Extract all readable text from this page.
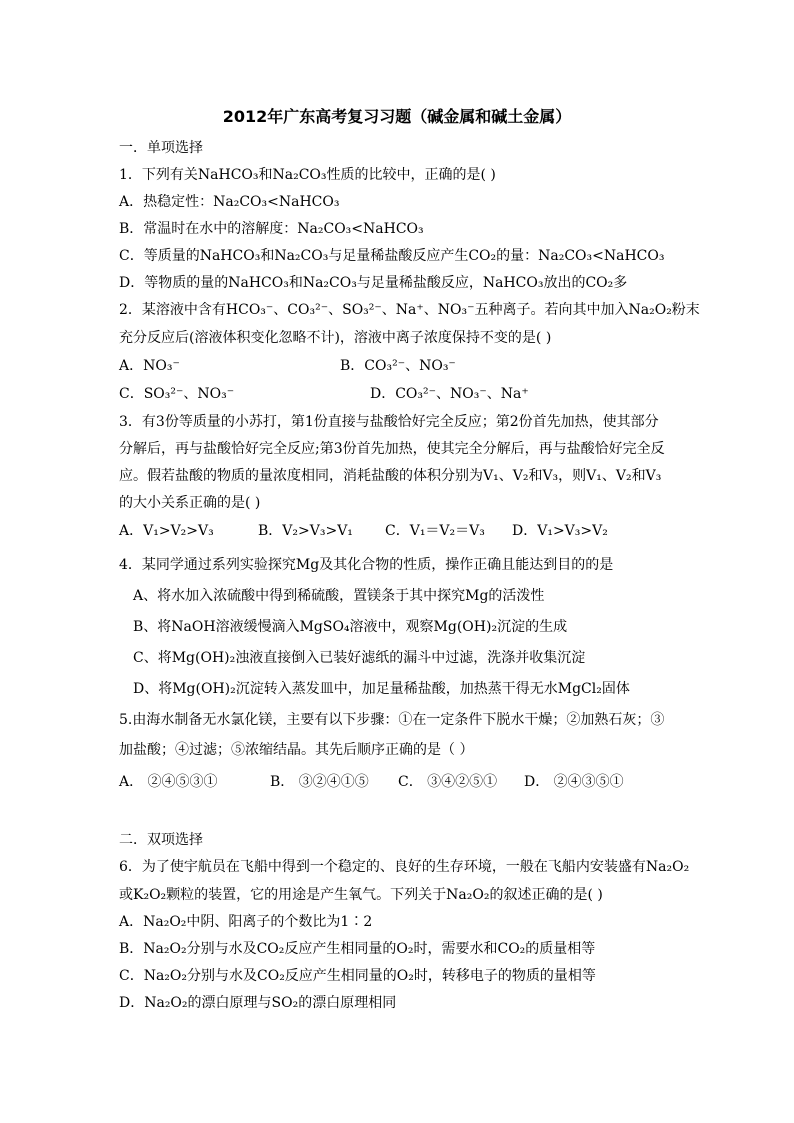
2012年广东高考复习习题（碱金属和碱土金属）
一．单项选择
1．下列有关NaHCO₃和Na₂CO₃性质的比较中，正确的是( )
A．热稳定性：Na₂CO₃<NaHCO₃
B．常温时在水中的溶解度：Na₂CO₃<NaHCO₃
C．等质量的NaHCO₃和Na₂CO₃与足量稀盐酸反应产生CO₂的量：Na₂CO₃<NaHCO₃
D．等物质的量的NaHCO₃和Na₂CO₃与足量稀盐酸反应，NaHCO₃放出的CO₂多
2．某溶液中含有HCO₃⁻、CO₃²⁻、SO₃²⁻、Na⁺、NO₃⁻五种离子。若向其中加入Na₂O₂粉末
充分反应后(溶液体积变化忽略不计)，溶液中离子浓度保持不变的是( )
A．NO₃⁻	B．CO₃²⁻、NO₃⁻
C．SO₃²⁻、NO₃⁻	D．CO₃²⁻、NO₃⁻、Na⁺
3．有3份等质量的小苏打，第1份直接与盐酸恰好完全反应；第2份首先加热，使其部分
分解后，再与盐酸恰好完全反应;第3份首先加热，使其完全分解后，再与盐酸恰好完全反
应。假若盐酸的物质的量浓度相同，消耗盐酸的体积分别为V₁、V₂和V₃，则V₁、V₂和V₃
的大小关系正确的是( )
A．V₁>V₂>V₃	B．V₂>V₃>V₁ C．V₁＝V₂＝V₃ D．V₁>V₃>V₂
4．某同学通过系列实验探究Mg及其化合物的性质，操作正确且能达到目的的是
A、将水加入浓硫酸中得到稀硫酸，置镁条于其中探究Mg的活泼性
B、将NaOH溶液缓慢滴入MgSO₄溶液中，观察Mg(OH)₂沉淀的生成
C、将Mg(OH)₂浊液直接倒入已装好滤纸的漏斗中过滤，洗涤并收集沉淀
D、将Mg(OH)₂沉淀转入蒸发皿中，加足量稀盐酸，加热蒸干得无水MgCl₂固体
5.由海水制备无水氯化镁，主要有以下步骤：①在一定条件下脱水干燥；②加熟石灰；③
加盐酸；④过滤；⑤浓缩结晶。其先后顺序正确的是（ ）
A． ②④⑤③①	B． ③②④①⑤ C． ③④②⑤① D． ②④③⑤①
二．双项选择
6．为了使宇航员在飞船中得到一个稳定的、良好的生存环境，一般在飞船内安装盛有Na₂O₂
或K₂O₂颗粒的装置，它的用途是产生氧气。下列关于Na₂O₂的叙述正确的是( )
A．Na₂O₂中阴、阳离子的个数比为1∶2
B．Na₂O₂分别与水及CO₂反应产生相同量的O₂时，需要水和CO₂的质量相等
C．Na₂O₂分别与水及CO₂反应产生相同量的O₂时，转移电子的物质的量相等
D．Na₂O₂的漂白原理与SO₂的漂白原理相同
